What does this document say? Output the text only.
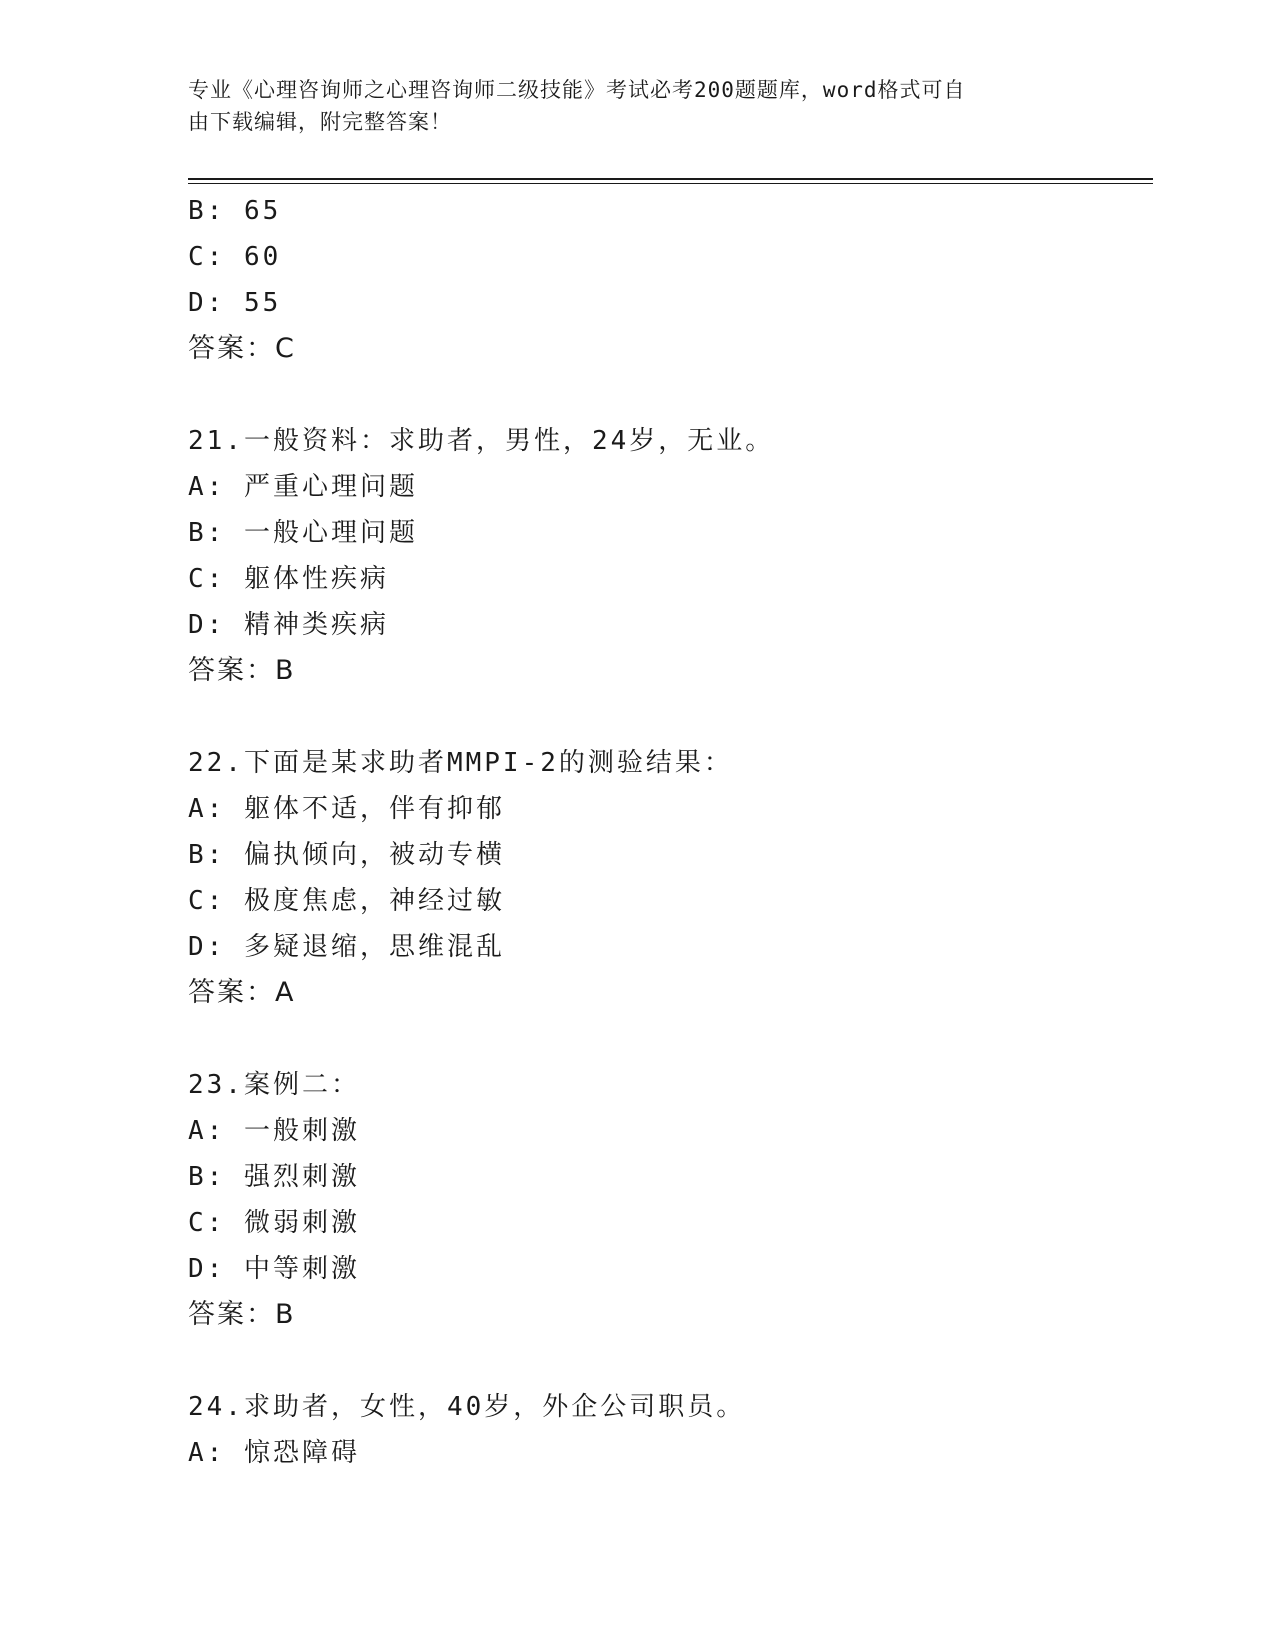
专业《心理咨询师之心理咨询师二级技能》考试必考200题题库，word格式可自
由下载编辑，附完整答案！
B: 65
C: 60
D: 55
答案：C
21.一般资料：求助者，男性，24岁，无业。
A: 严重心理问题
B: 一般心理问题
C: 躯体性疾病
D: 精神类疾病
答案：B
22.下面是某求助者MMPI-2的测验结果：
A: 躯体不适，伴有抑郁
B: 偏执倾向，被动专横
C: 极度焦虑，神经过敏
D: 多疑退缩，思维混乱
答案：A
23.案例二：
A: 一般刺激
B: 强烈刺激
C: 微弱刺激
D: 中等刺激
答案：B
24.求助者，女性，40岁，外企公司职员。
A: 惊恐障碍
